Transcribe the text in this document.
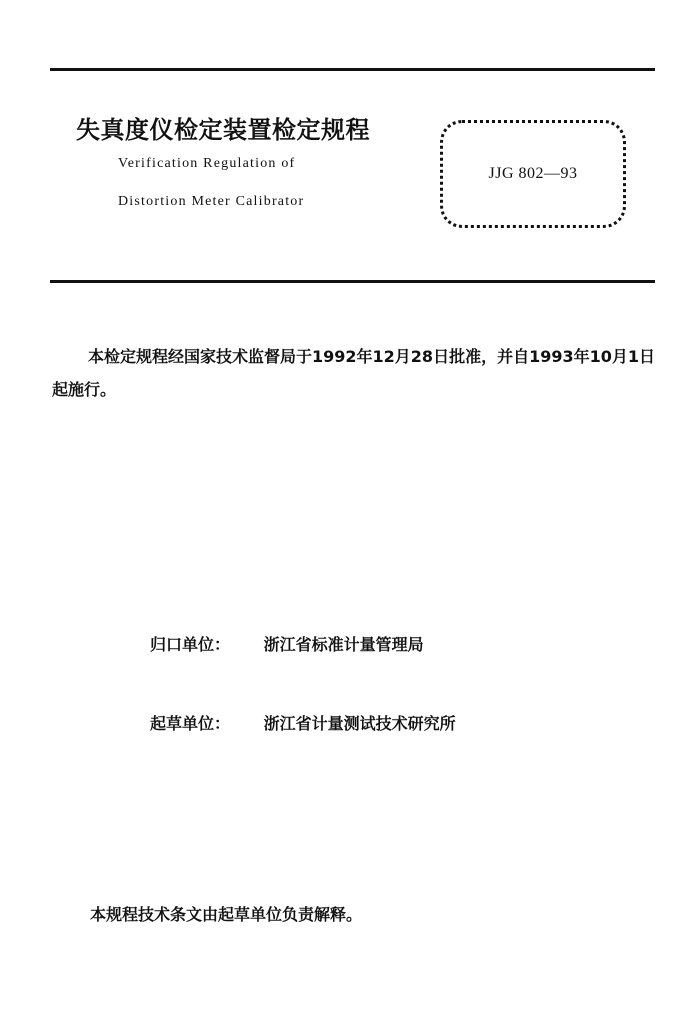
失真度仪检定装置检定规程
Verification Regulation of
Distortion Meter Calibrator
JJG 802—93
本检定规程经国家技术监督局于1992年12月28日批准，并自1993年10月1日起施行。
归口单位： 浙江省标准计量管理局
起草单位： 浙江省计量测试技术研究所
本规程技术条文由起草单位负责解释。
